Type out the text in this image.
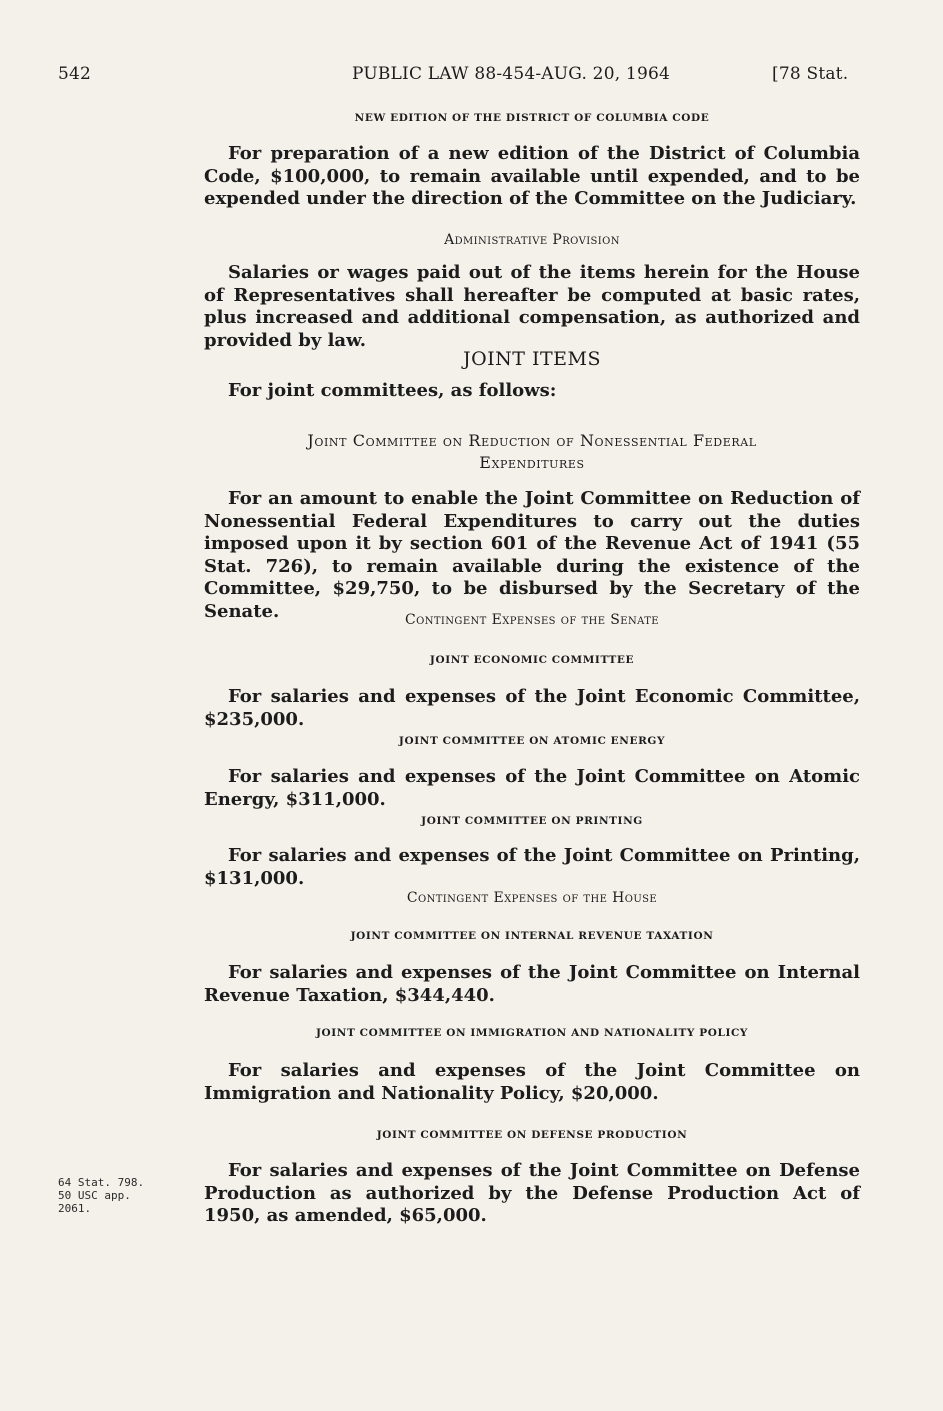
542	PUBLIC LAW 88-454-AUG. 20, 1964	[78 Stat.
NEW EDITION OF THE DISTRICT OF COLUMBIA CODE
For preparation of a new edition of the District of Columbia Code, $100,000, to remain available until expended, and to be expended under the direction of the Committee on the Judiciary.
Administrative Provision
Salaries or wages paid out of the items herein for the House of Representatives shall hereafter be computed at basic rates, plus increased and additional compensation, as authorized and provided by law.
JOINT ITEMS
For joint committees, as follows:
Joint Committee on Reduction of Nonessential Federal
Expenditures
For an amount to enable the Joint Committee on Reduction of Nonessential Federal Expenditures to carry out the duties imposed upon it by section 601 of the Revenue Act of 1941 (55 Stat. 726), to remain available during the existence of the Committee, $29,750, to be disbursed by the Secretary of the Senate.	Contingent Expenses of the Senate
JOINT ECONOMIC COMMITTEE
For salaries and expenses of the Joint Economic Committee, $235,000.
JOINT COMMITTEE ON ATOMIC ENERGY
For salaries and expenses of the Joint Committee on Atomic Energy, $311,000.
JOINT COMMITTEE ON PRINTING
For salaries and expenses of the Joint Committee on Printing, $131,000.
Contingent Expenses of the House
JOINT COMMITTEE ON INTERNAL REVENUE TAXATION
For salaries and expenses of the Joint Committee on Internal Revenue Taxation, $344,440.
JOINT COMMITTEE ON IMMIGRATION AND NATIONALITY POLICY
For salaries and expenses of the Joint Committee on Immigration and Nationality Policy, $20,000.
JOINT COMMITTEE ON DEFENSE PRODUCTION
For salaries and expenses of the Joint Committee on Defense Production as authorized by the Defense Production Act of 1950, as amended, $65,000.
64 Stat. 798.
50 USC app.
2061.
